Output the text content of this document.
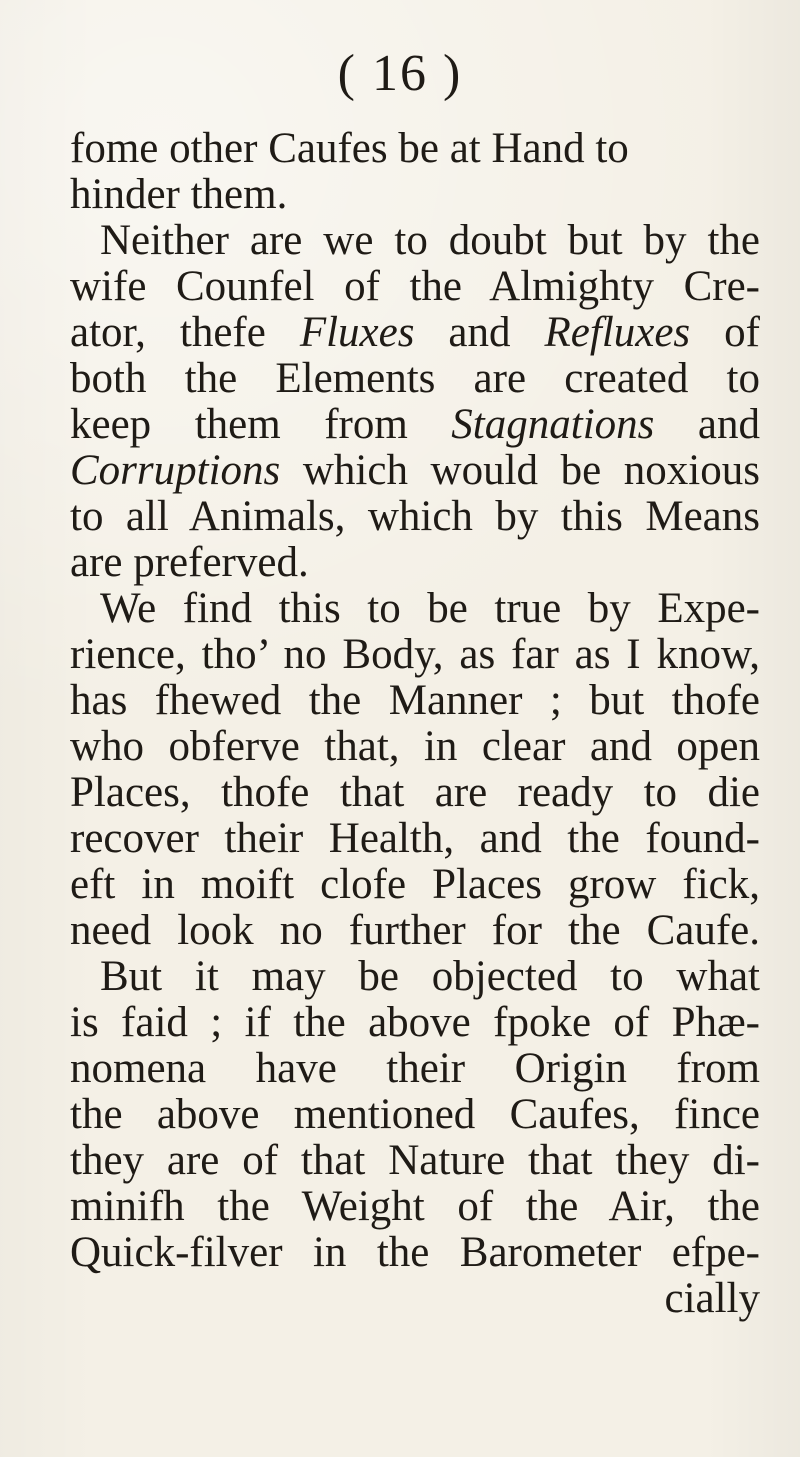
( 16 )
fome other Caufes be at Hand to
hinder them.
Neither are we to doubt but by the
wife Counfel of the Almighty Cre-
ator, thefe Fluxes and Refluxes of
both the Elements are created to
keep them from Stagnations and
Corruptions which would be noxious
to all Animals, which by this Means
are preferved.
We find this to be true by Expe-
rience, tho’ no Body, as far as I know,
has fhewed the Manner ; but thofe
who obferve that, in clear and open
Places, thofe that are ready to die
recover their Health, and the found-
eft in moift clofe Places grow fick,
need look no further for the Caufe.
But it may be objected to what
is faid ; if the above fpoke of Phæ-
nomena have their Origin from
the above mentioned Caufes, fince
they are of that Nature that they di-
minifh the Weight of the Air, the
Quick-filver in the Barometer efpe-
cially
